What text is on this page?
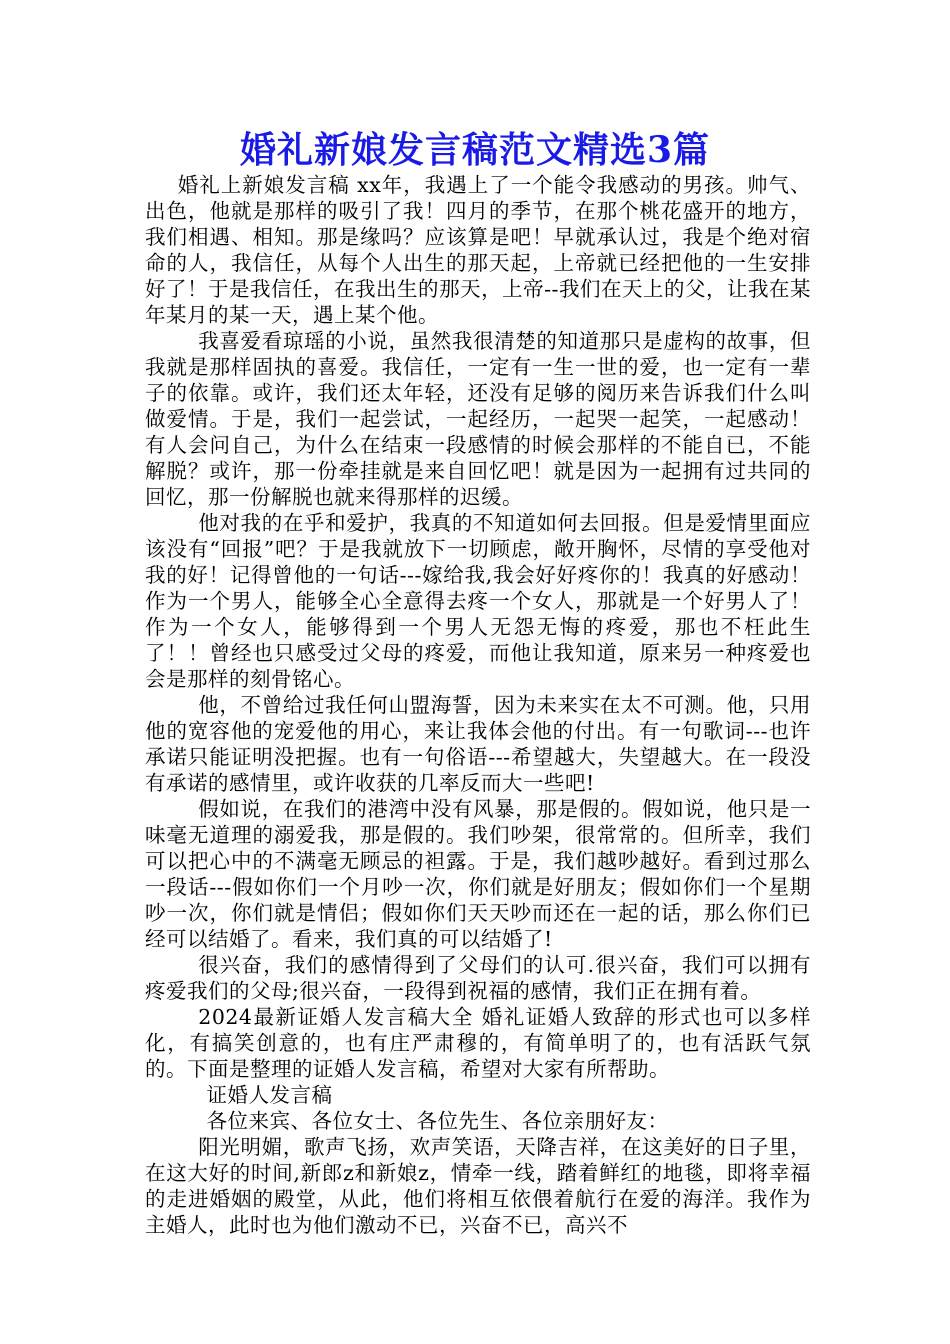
婚礼新娘发言稿范文精选3篇

婚礼上新娘发言稿 xx年，我遇上了一个能令我感动的男孩。帅气、出色，他就是那样的吸引了我！四月的季节，在那个桃花盛开的地方，我们相遇、相知。那是缘吗？应该算是吧！早就承认过，我是个绝对宿命的人，我信任，从每个人出生的那天起，上帝就已经把他的一生安排好了！于是我信任，在我出生的那天，上帝--我们在天上的父，让我在某年某月的某一天，遇上某个他。

我喜爱看琼瑶的小说，虽然我很清楚的知道那只是虚构的故事，但我就是那样固执的喜爱。我信任，一定有一生一世的爱，也一定有一辈子的依靠。或许，我们还太年轻，还没有足够的阅历来告诉我们什么叫做爱情。于是，我们一起尝试，一起经历，一起哭一起笑，一起感动！有人会问自己，为什么在结束一段感情的时候会那样的不能自已，不能解脱？或许，那一份牵挂就是来自回忆吧！就是因为一起拥有过共同的回忆，那一份解脱也就来得那样的迟缓。

他对我的在乎和爱护，我真的不知道如何去回报。但是爱情里面应该没有“回报”吧？于是我就放下一切顾虑，敞开胸怀，尽情的享受他对我的好！记得曾他的一句话---嫁给我,我会好好疼你的！我真的好感动！作为一个男人，能够全心全意得去疼一个女人，那就是一个好男人了！作为一个女人，能够得到一个男人无怨无悔的疼爱，那也不枉此生了！！曾经也只感受过父母的疼爱，而他让我知道，原来另一种疼爱也会是那样的刻骨铭心。

他，不曾给过我任何山盟海誓，因为未来实在太不可测。他，只用他的宽容他的宠爱他的用心，来让我体会他的付出。有一句歌词---也许承诺只能证明没把握。也有一句俗语---希望越大，失望越大。在一段没有承诺的感情里，或许收获的几率反而大一些吧!

假如说，在我们的港湾中没有风暴，那是假的。假如说，他只是一味毫无道理的溺爱我，那是假的。我们吵架，很常常的。但所幸，我们可以把心中的不满毫无顾忌的袒露。于是，我们越吵越好。看到过那么一段话---假如你们一个月吵一次，你们就是好朋友；假如你们一个星期吵一次，你们就是情侣；假如你们天天吵而还在一起的话，那么你们已经可以结婚了。看来，我们真的可以结婚了!

很兴奋，我们的感情得到了父母们的认可.很兴奋，我们可以拥有疼爱我们的父母;很兴奋，一段得到祝福的感情，我们正在拥有着。

2024最新证婚人发言稿大全 婚礼证婚人致辞的形式也可以多样化，有搞笑创意的，也有庄严肃穆的，有简单明了的，也有活跃气氛的。下面是整理的证婚人发言稿，希望对大家有所帮助。

证婚人发言稿

各位来宾、各位女士、各位先生、各位亲朋好友：

阳光明媚，歌声飞扬，欢声笑语，天降吉祥，在这美好的日子里，在这大好的时间,新郎z和新娘z，情牵一线，踏着鲜红的地毯，即将幸福的走进婚姻的殿堂，从此，他们将相互依偎着航行在爱的海洋。我作为主婚人，此时也为他们激动不已，兴奋不已，高兴不
